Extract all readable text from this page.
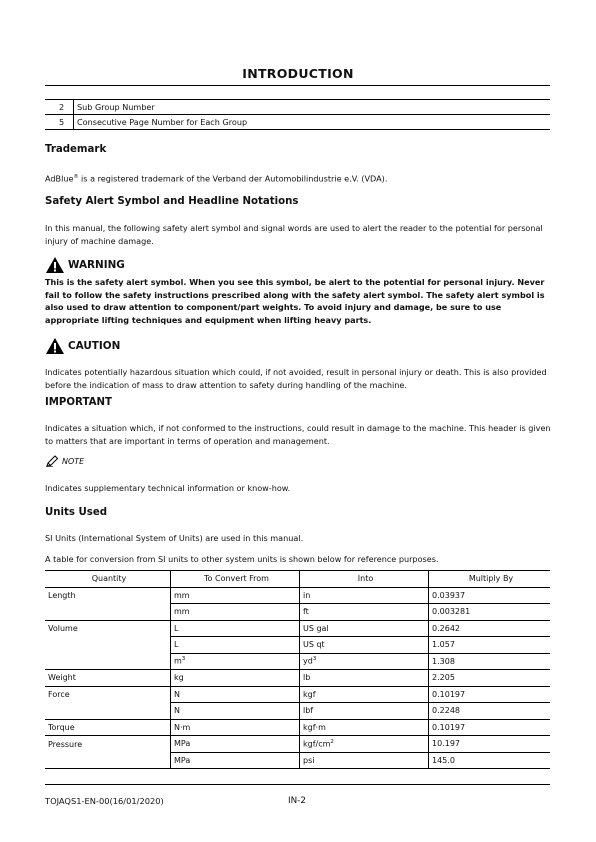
INTRODUCTION
2	Sub Group Number
5	Consecutive Page Number for Each Group
Trademark
AdBlue® is a registered trademark of the Verband der Automobilindustrie e.V. (VDA).
Safety Alert Symbol and Headline Notations
In this manual, the following safety alert symbol and signal words are used to alert the reader to the potential for personal injury of machine damage.
WARNING
This is the safety alert symbol. When you see this symbol, be alert to the potential for personal injury. Never fail to follow the safety instructions prescribed along with the safety alert symbol. The safety alert symbol is also used to draw attention to component/part weights. To avoid injury and damage, be sure to use appropriate lifting techniques and equipment when lifting heavy parts.
CAUTION
Indicates potentially hazardous situation which could, if not avoided, result in personal injury or death. This is also provided before the indication of mass to draw attention to safety during handling of the machine.
IMPORTANT
Indicates a situation which, if not conformed to the instructions, could result in damage to the machine. This header is given to matters that are important in terms of operation and management.
NOTE
Indicates supplementary technical information or know-how.
Units Used
SI Units (International System of Units) are used in this manual.
A table for conversion from SI units to other system units is shown below for reference purposes.
Quantity	To Convert From	Into	Multiply By
Length	mm	in	0.03937
	mm	ft	0.003281
Volume	L	US gal	0.2642
	L	US qt	1.057
	$m^3$	$yd^3$	1.308
Weight	kg	lb	2.205
Force	N	kgf	0.10197
	N	lbf	0.2248
Torque	N·m	kgf·m	0.10197
Pressure	MPa	kgf/$cm^2$	10.197
	MPa	psi	145.0
TOJAQS1-EN-00(16/01/2020)	IN-2
